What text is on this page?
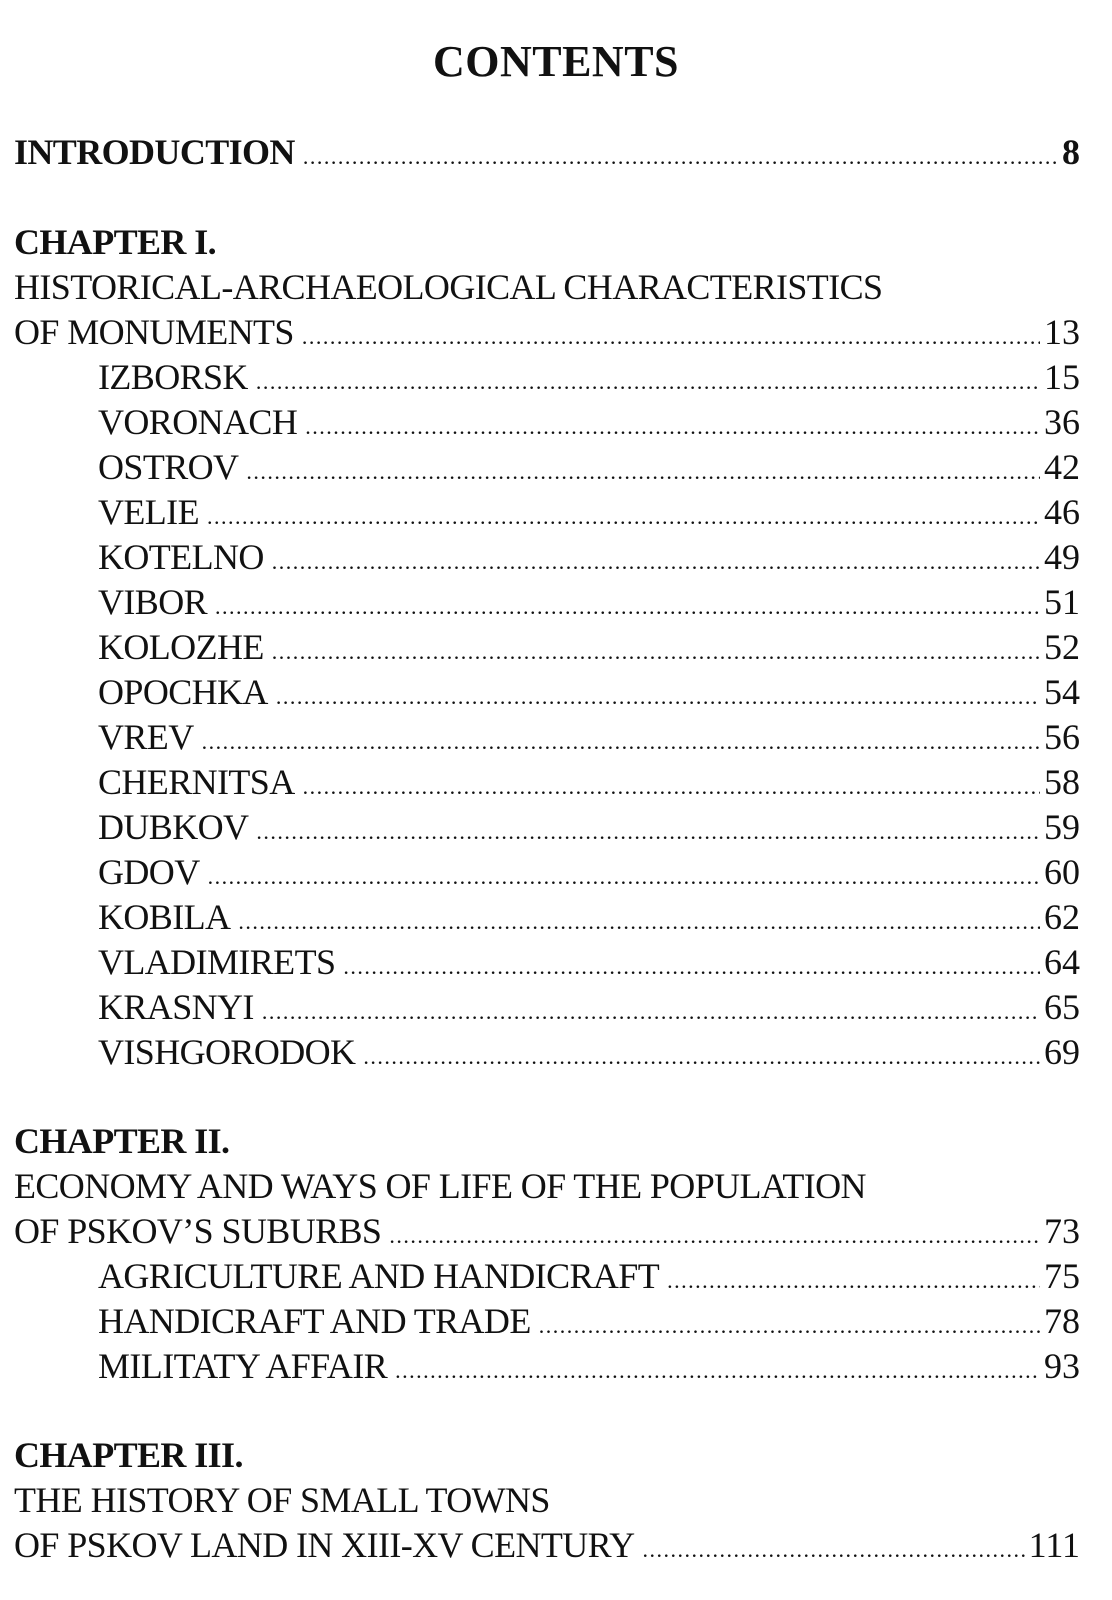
CONTENTS
INTRODUCTION .....	8
CHAPTER I.
HISTORICAL-ARCHAEOLOGICAL CHARACTERISTICS
OF MONUMENTS .....	13
IZBORSK .....	15
VORONACH .....	36
OSTROV .....	42
VELIE .....	46
KOTELNO .....	49
VIBOR .....	51
KOLOZHE .....	52
OPOCHKA .....	54
VREV .....	56
CHERNITSA .....	58
DUBKOV .....	59
GDOV .....	60
KOBILA .....	62
VLADIMIRETS .....	64
KRASNYI .....	65
VISHGORODOK .....	69
CHAPTER II.
ECONOMY AND WAYS OF LIFE OF THE POPULATION
OF PSKOV’S SUBURBS .....	73
AGRICULTURE AND HANDICRAFT .....	75
HANDICRAFT AND TRADE .....	78
MILITATY AFFAIR .....	93
CHAPTER III.
THE HISTORY OF SMALL TOWNS
OF PSKOV LAND IN XIII-XV CENTURY .....	111
